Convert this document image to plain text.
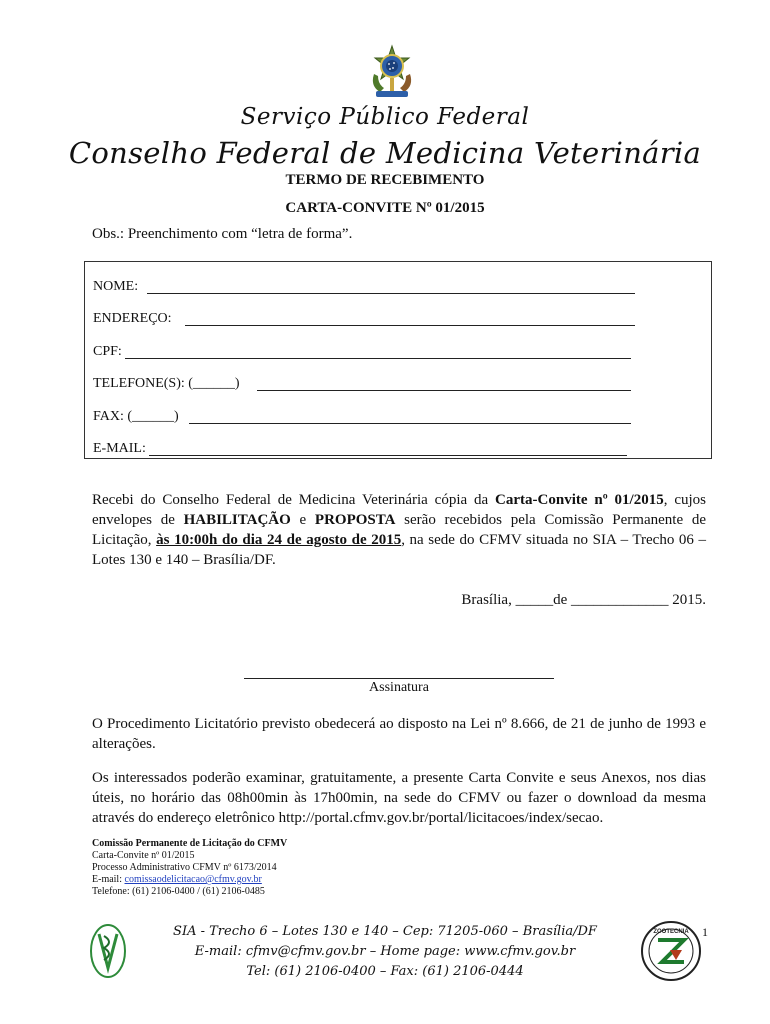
Serviço Público Federal
Conselho Federal de Medicina Veterinária
TERMO DE RECEBIMENTO
CARTA-CONVITE Nº 01/2015
Obs.: Preenchimento com “letra de forma”.
NOME:
ENDEREÇO:
CPF:
TELEFONE(S): (______)
FAX: (______)
E-MAIL:
Recebi do Conselho Federal de Medicina Veterinária cópia da Carta-Convite nº 01/2015, cujos envelopes de HABILITAÇÃO e PROPOSTA serão recebidos pela Comissão Permanente de Licitação, às 10:00h do dia 24 de agosto de 2015, na sede do CFMV situada no SIA – Trecho 06 – Lotes 130 e 140 – Brasília/DF.
Brasília, _____de _____________ 2015.
Assinatura
O Procedimento Licitatório previsto obedecerá ao disposto na Lei nº 8.666, de 21 de junho de 1993 e alterações.
Os interessados poderão examinar, gratuitamente, a presente Carta Convite e seus Anexos, nos dias úteis, no horário das 08h00min às 17h00min, na sede do CFMV ou fazer o download da mesma através do endereço eletrônico http://portal.cfmv.gov.br/portal/licitacoes/index/secao.
Comissão Permanente de Licitação do CFMV
Carta-Convite nº 01/2015
Processo Administrativo CFMV nº 6173/2014
E-mail: comissaodelicitacao@cfmv.gov.br
Telefone: (61) 2106-0400 / (61) 2106-0485
SIA - Trecho 6 – Lotes 130 e 140 – Cep: 71205-060 – Brasília/DF
E-mail: cfmv@cfmv.gov.br – Home page: www.cfmv.gov.br
Tel: (61) 2106-0400 – Fax: (61) 2106-0444
ZOOTECNIA 1
